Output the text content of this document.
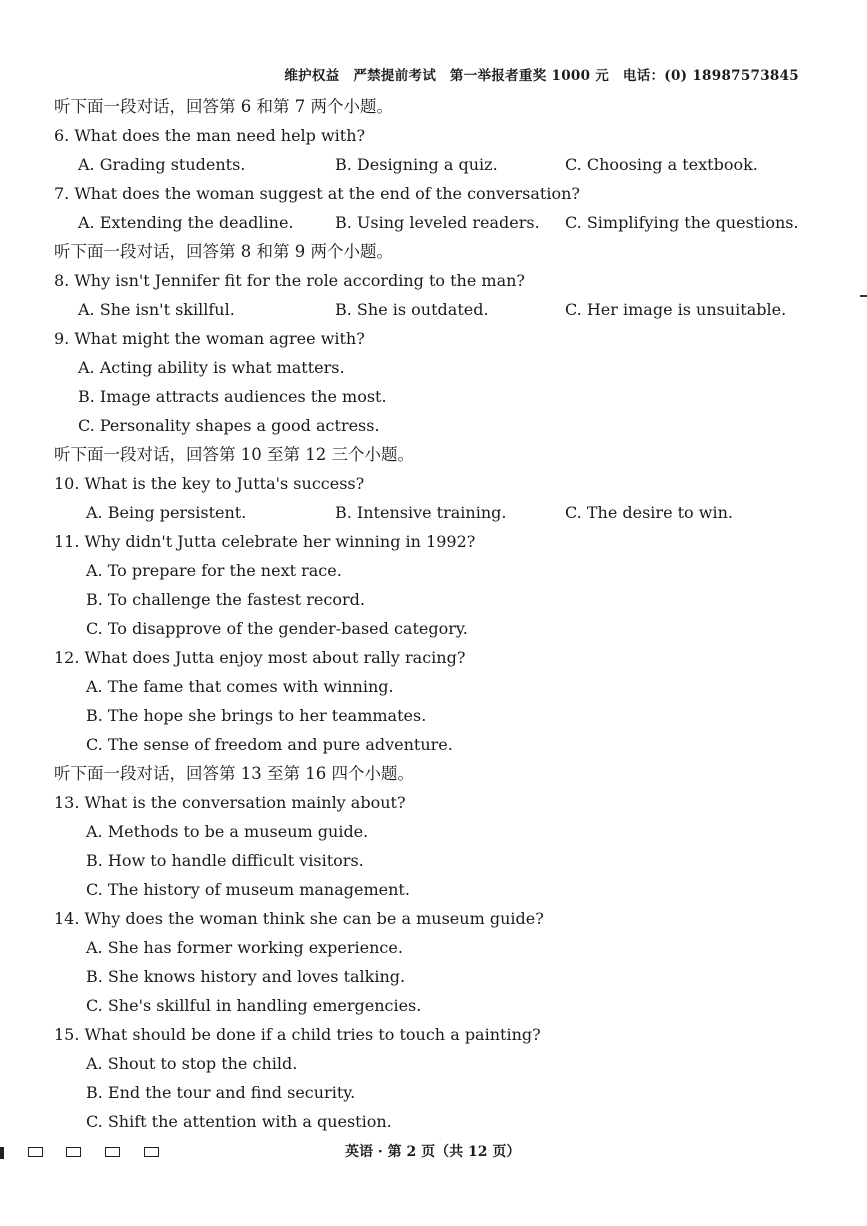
维护权益　严禁提前考试　第一举报者重奖 1000 元　电话：(0) 18987573845
听下面一段对话，回答第 6 和第 7 两个小题。
6. What does the man need help with?
A. Grading students.	B. Designing a quiz.	C. Choosing a textbook.
7. What does the woman suggest at the end of the conversation?
A. Extending the deadline.	B. Using leveled readers. C. Simplifying the questions.
听下面一段对话，回答第 8 和第 9 两个小题。
8. Why isn't Jennifer fit for the role according to the man?
A. She isn't skillful.	B. She is outdated.	C. Her image is unsuitable.
9. What might the woman agree with?
A. Acting ability is what matters.
B. Image attracts audiences the most.
C. Personality shapes a good actress.
听下面一段对话，回答第 10 至第 12 三个小题。
10. What is the key to Jutta's success?
A. Being persistent.	B. Intensive training.	C. The desire to win.
11. Why didn't Jutta celebrate her winning in 1992?
A. To prepare for the next race.
B. To challenge the fastest record.
C. To disapprove of the gender-based category.
12. What does Jutta enjoy most about rally racing?
A. The fame that comes with winning.
B. The hope she brings to her teammates.
C. The sense of freedom and pure adventure.
听下面一段对话，回答第 13 至第 16 四个小题。
13. What is the conversation mainly about?
A. Methods to be a museum guide.
B. How to handle difficult visitors.
C. The history of museum management.
14. Why does the woman think she can be a museum guide?
A. She has former working experience.
B. She knows history and loves talking.
C. She's skillful in handling emergencies.
15. What should be done if a child tries to touch a painting?
A. Shout to stop the child.
B. End the tour and find security.
C. Shift the attention with a question.
英语 · 第 2 页（共 12 页）
